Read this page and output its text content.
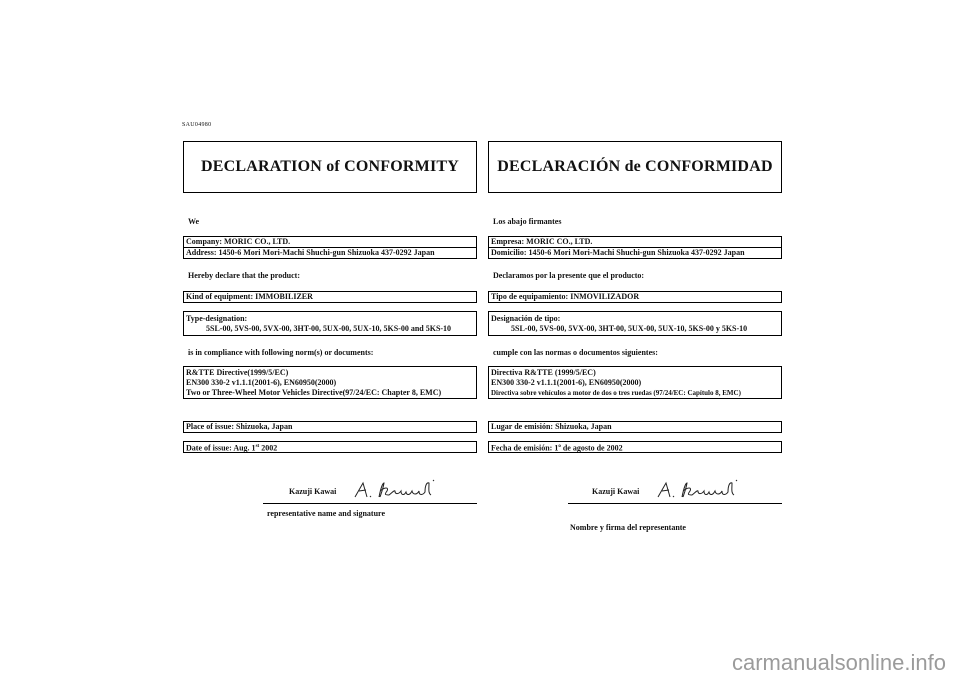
SAU04980
DECLARATION of CONFORMITY
We
Company: MORIC CO., LTD.
Address: 1450-6 Mori Mori-Machi Shuchi-gun Shizuoka 437-0292 Japan
Hereby declare that the product:
Kind of equipment: IMMOBILIZER
Type-designation:
5SL-00, 5VS-00, 5VX-00, 3HT-00, 5UX-00, 5UX-10, 5KS-00 and 5KS-10
is in compliance with following norm(s) or documents:
R&TTE Directive(1999/5/EC)
EN300 330-2 v1.1.1(2001-6), EN60950(2000)
Two or Three-Wheel Motor Vehicles Directive(97/24/EC: Chapter 8, EMC)
Place of issue: Shizuoka, Japan
Date of issue: Aug. 1st 2002
Kazuji Kawai
representative name and signature
DECLARACIÓN de CONFORMIDAD
Los abajo firmantes
Empresa: MORIC CO., LTD.
Domicilio: 1450-6 Mori Mori-Machi Shuchi-gun Shizuoka 437-0292 Japan
Declaramos por la presente que el producto:
Tipo de equipamiento: INMOVILIZADOR
Designación de tipo:
5SL-00, 5VS-00, 5VX-00, 3HT-00, 5UX-00, 5UX-10, 5KS-00 y 5KS-10
cumple con las normas o documentos siguientes:
Directiva R&TTE (1999/5/EC)
EN300 330-2 v1.1.1(2001-6), EN60950(2000)
Directiva sobre vehículos a motor de dos o tres ruedas (97/24/EC: Capítulo 8, EMC)
Lugar de emisión: Shizuoka, Japan
Fecha de emisión: 1$^o$ de agosto de 2002
Kazuji Kawai
Nombre y firma del representante
carmanualsonline.info
